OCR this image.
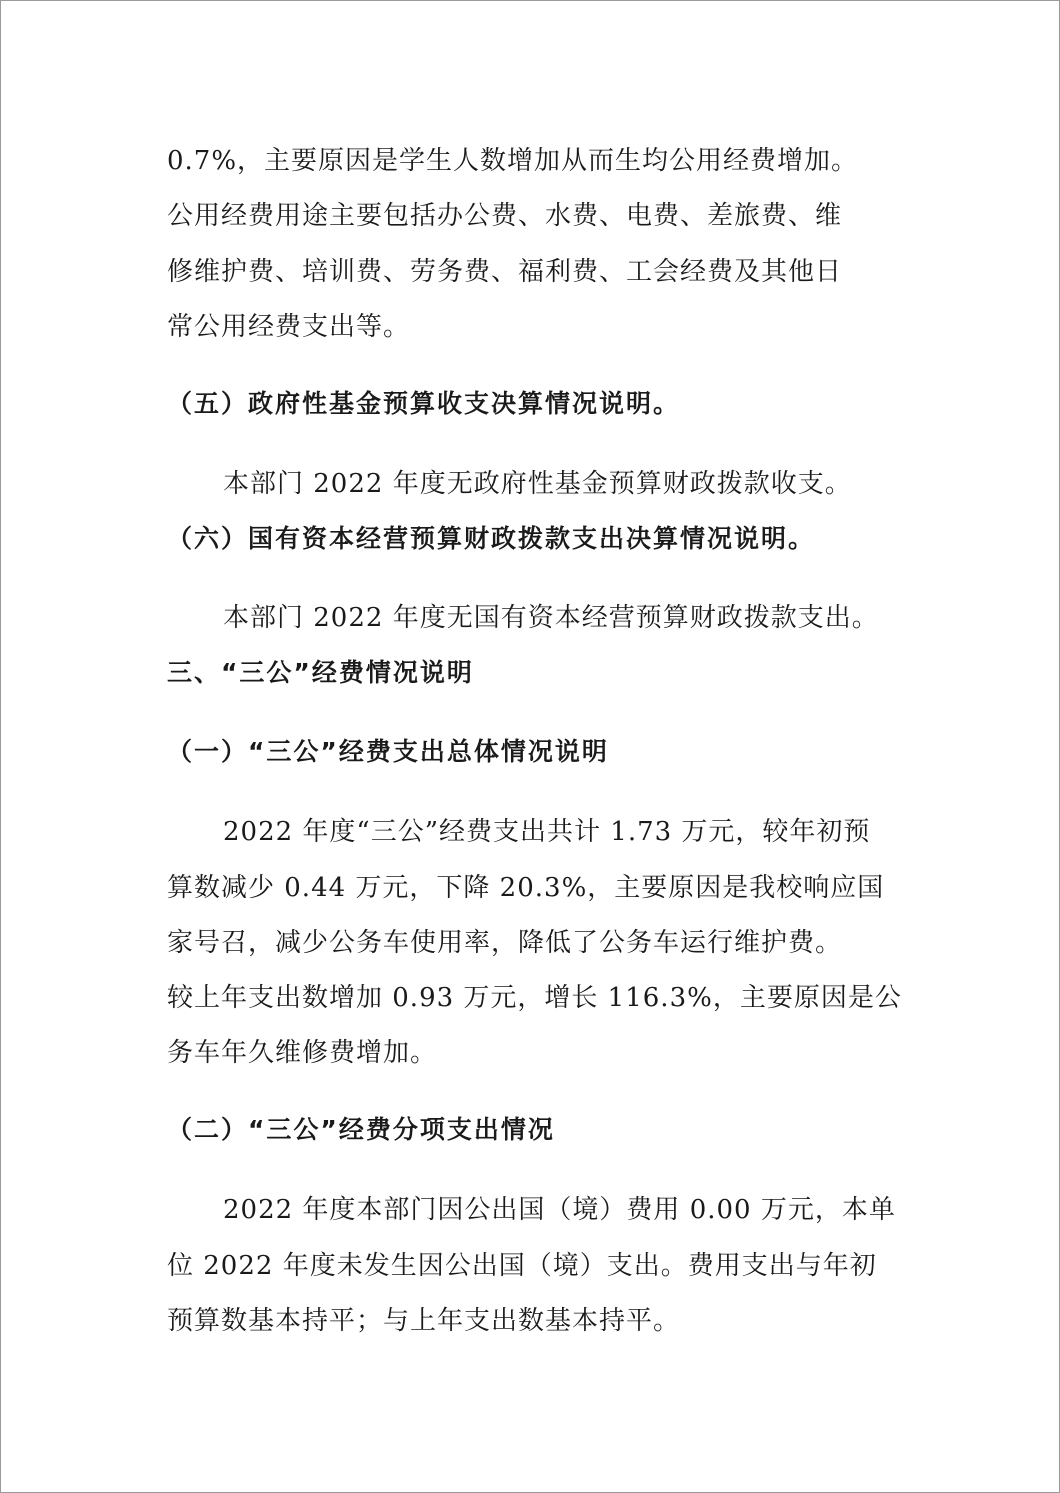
0.7%，主要原因是学生人数增加从而生均公用经费增加。
公用经费用途主要包括办公费、水费、电费、差旅费、维
修维护费、培训费、劳务费、福利费、工会经费及其他日
常公用经费支出等。
（五）政府性基金预算收支决算情况说明。
本部门 2022 年度无政府性基金预算财政拨款收支。
（六）国有资本经营预算财政拨款支出决算情况说明。
本部门 2022 年度无国有资本经营预算财政拨款支出。
三、“三公”经费情况说明
（一）“三公”经费支出总体情况说明
2022 年度“三公”经费支出共计 1.73 万元，较年初预
算数减少 0.44 万元，下降 20.3%，主要原因是我校响应国
家号召，减少公务车使用率，降低了公务车运行维护费。
较上年支出数增加 0.93 万元，增长 116.3%，主要原因是公
务车年久维修费增加。
（二）“三公”经费分项支出情况
2022 年度本部门因公出国（境）费用 0.00 万元，本单
位 2022 年度未发生因公出国（境）支出。费用支出与年初
预算数基本持平；与上年支出数基本持平。
